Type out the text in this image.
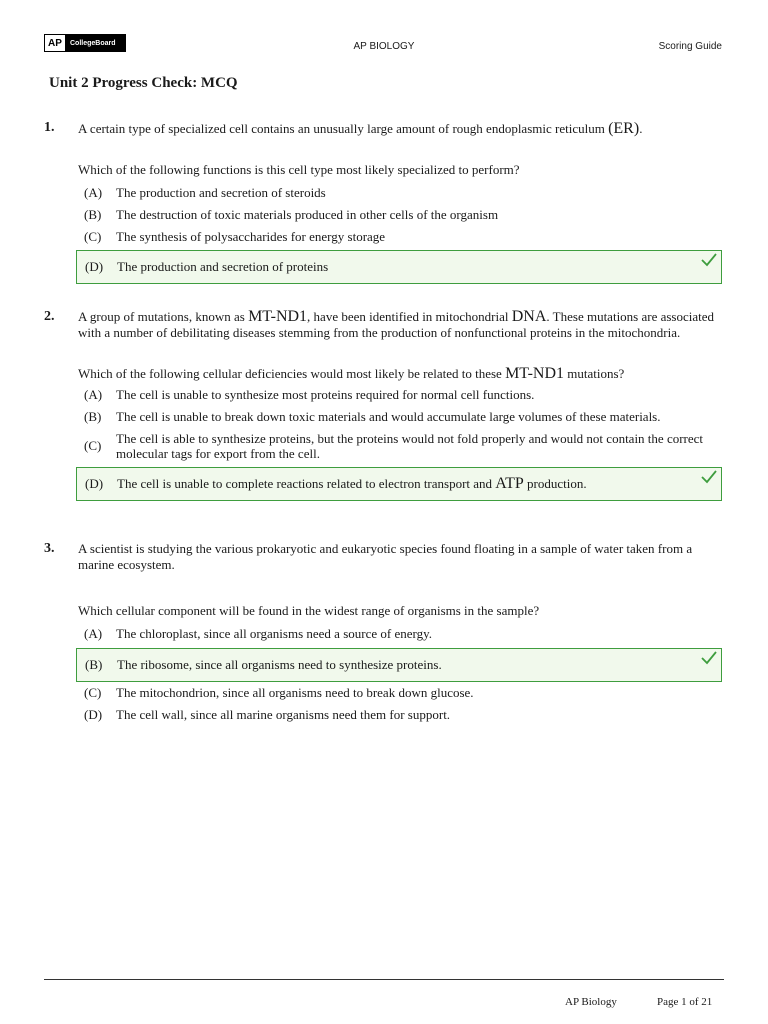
AP	CollegeBoard	AP BIOLOGY	Scoring Guide
Unit 2 Progress Check: MCQ
1. A certain type of specialized cell contains an unusually large amount of rough endoplasmic reticulum (ER).
Which of the following functions is this cell type most likely specialized to perform?
(A) The production and secretion of steroids
(B) The destruction of toxic materials produced in other cells of the organism
(C) The synthesis of polysaccharides for energy storage
(D) The production and secretion of proteins
2. A group of mutations, known as MT-ND1, have been identified in mitochondrial DNA. These mutations are associated with a number of debilitating diseases stemming from the production of nonfunctional proteins in the mitochondria.
Which of the following cellular deficiencies would most likely be related to these MT-ND1 mutations?
(A) The cell is unable to synthesize most proteins required for normal cell functions.
(B) The cell is unable to break down toxic materials and would accumulate large volumes of these materials.
(C) The cell is able to synthesize proteins, but the proteins would not fold properly and would not contain the correct molecular tags for export from the cell.
(D) The cell is unable to complete reactions related to electron transport and ATP production.
3. A scientist is studying the various prokaryotic and eukaryotic species found floating in a sample of water taken from a marine ecosystem.
Which cellular component will be found in the widest range of organisms in the sample?
(A) The chloroplast, since all organisms need a source of energy.
(B) The ribosome, since all organisms need to synthesize proteins.
(C) The mitochondrion, since all organisms need to break down glucose.
(D) The cell wall, since all marine organisms need them for support.
AP Biology	Page 1 of 21
